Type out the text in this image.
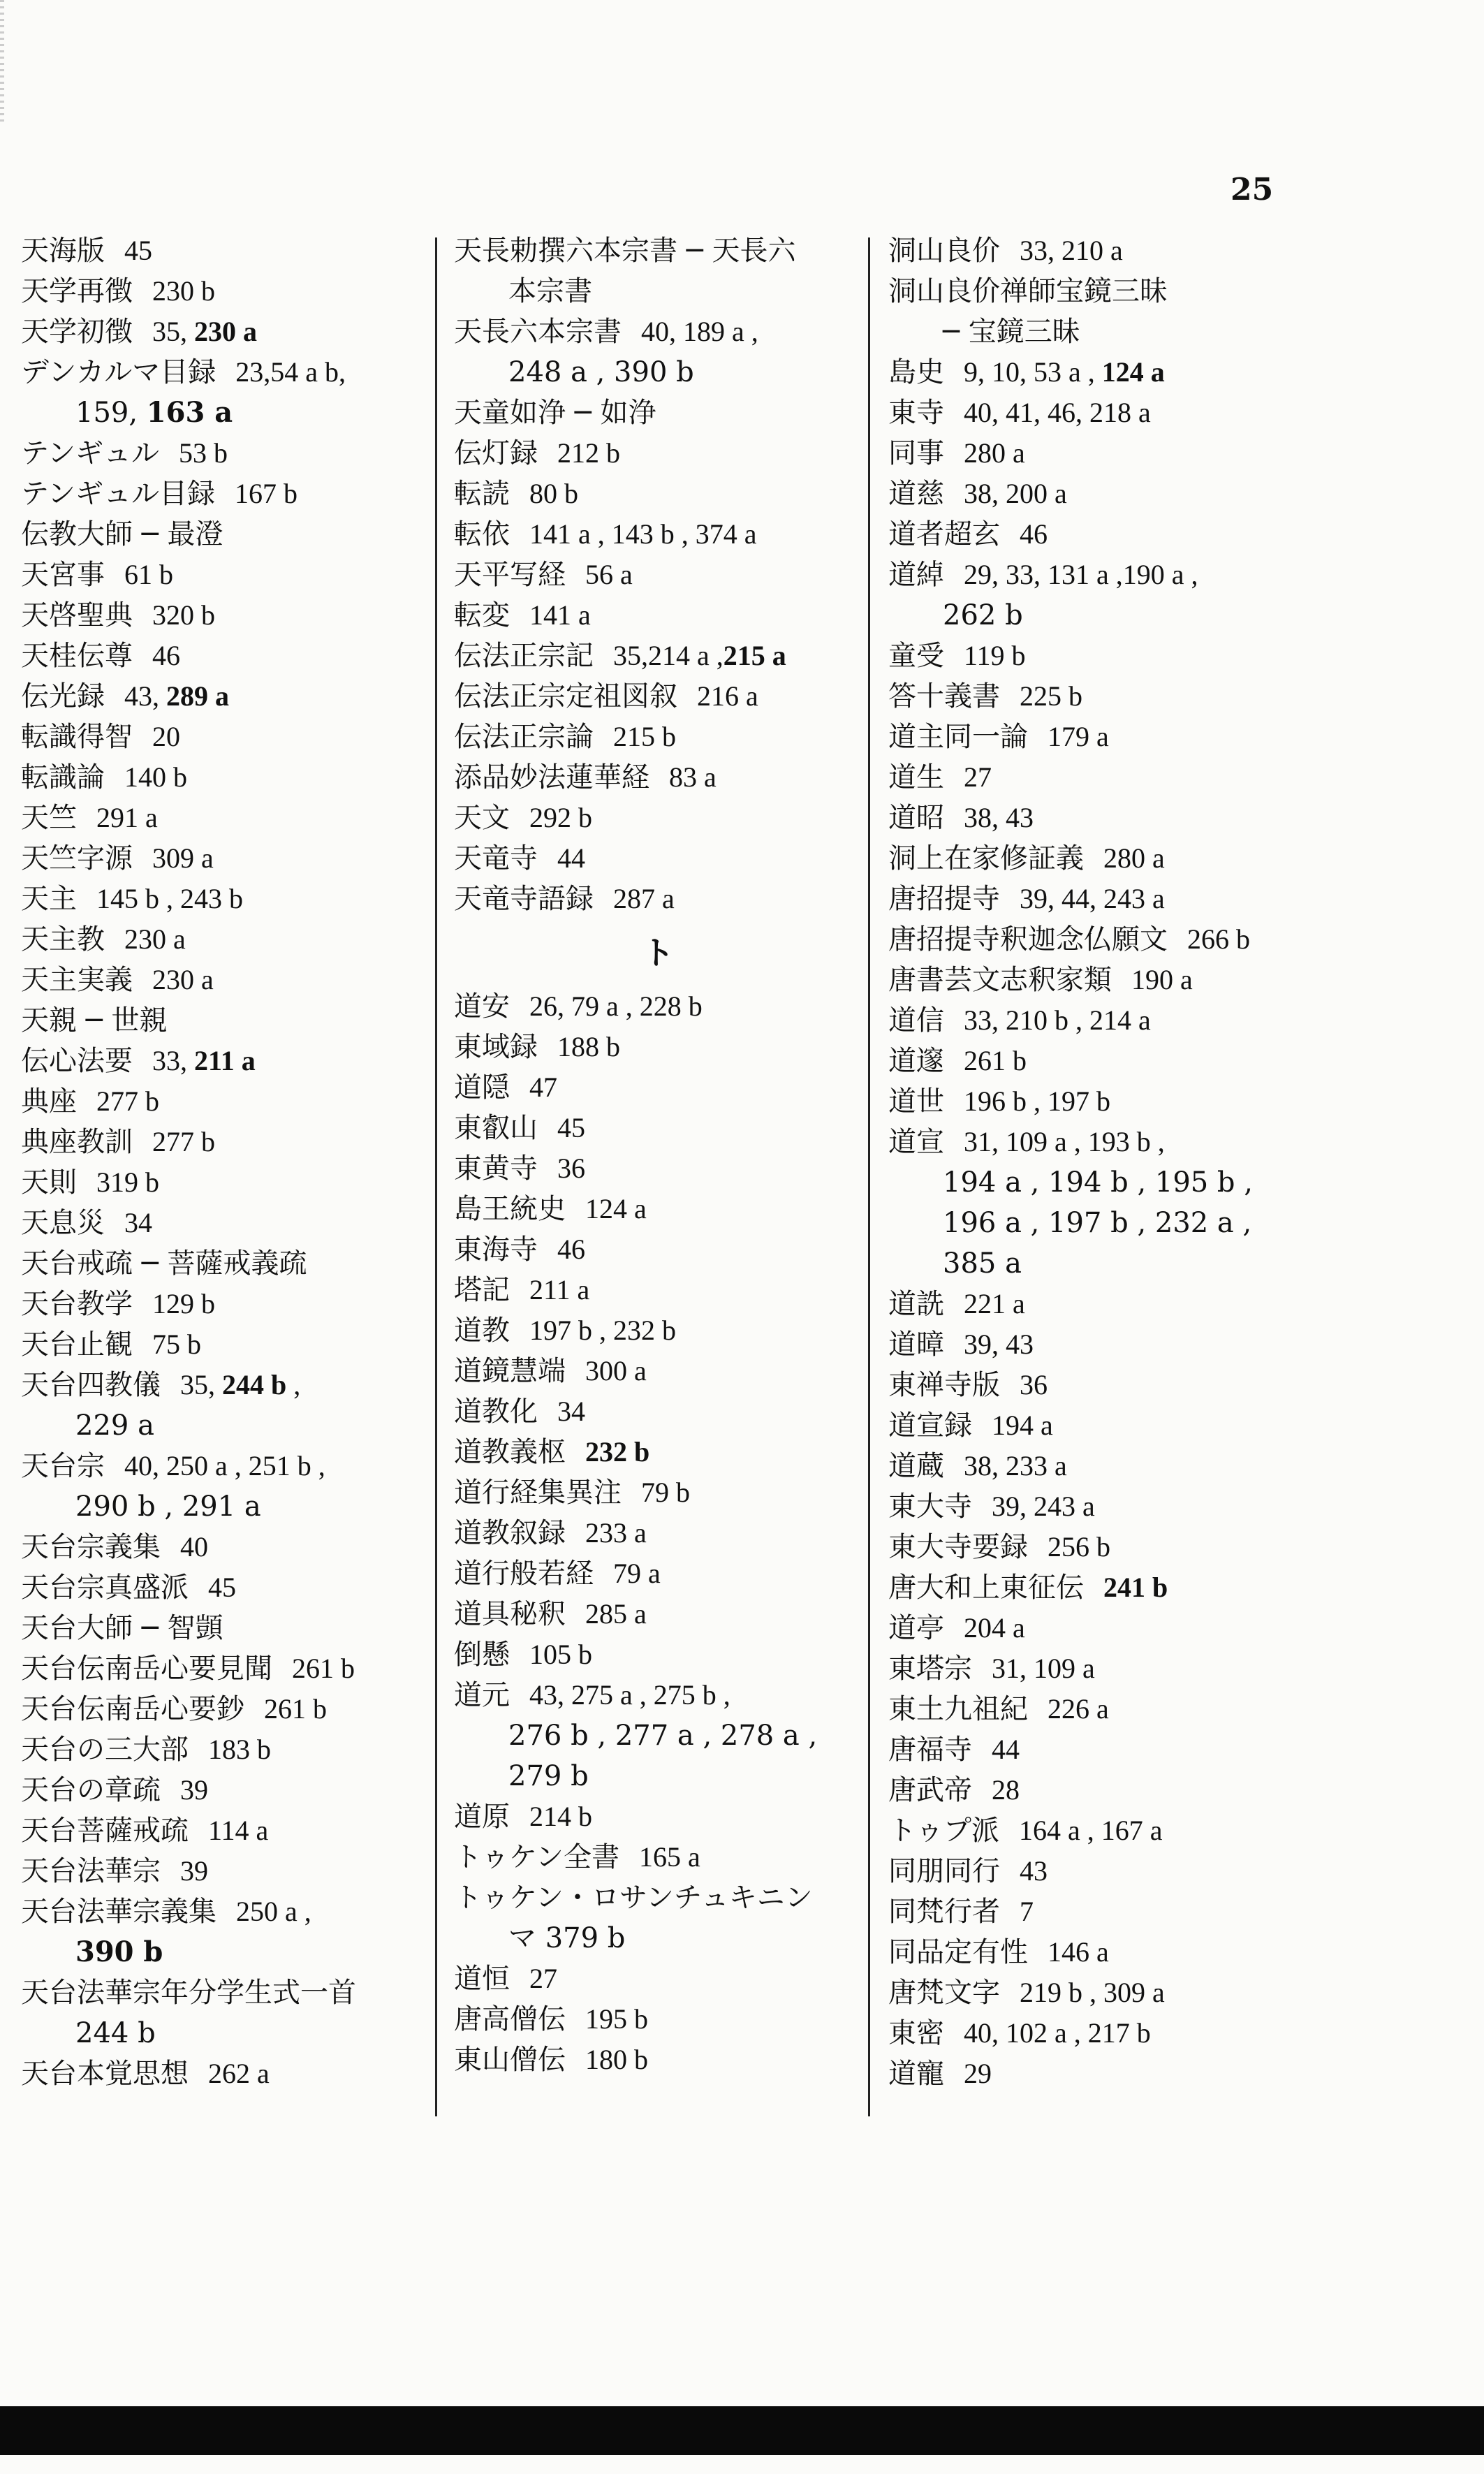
25
天海版 45
天学再徴 230 b
天学初徴 35, 230 a
デンカルマ目録 23,54 a b,
159, 163 a
テンギュル 53 b
テンギュル目録 167 b
伝教大師 ─ 最澄
天宮事 61 b
天啓聖典 320 b
天桂伝尊 46
伝光録 43, 289 a
転識得智 20
転識論 140 b
天竺 291 a
天竺字源 309 a
天主 145 b , 243 b
天主教 230 a
天主実義 230 a
天親 ─ 世親
伝心法要 33, 211 a
典座 277 b
典座教訓 277 b
天則 319 b
天息災 34
天台戒疏 ─ 菩薩戒義疏
天台教学 129 b
天台止観 75 b
天台四教儀 35, 244 b ,
229 a
天台宗 40, 250 a , 251 b ,
290 b , 291 a
天台宗義集 40
天台宗真盛派 45
天台大師 ─ 智顗
天台伝南岳心要見聞 261 b
天台伝南岳心要鈔 261 b
天台の三大部 183 b
天台の章疏 39
天台菩薩戒疏 114 a
天台法華宗 39
天台法華宗義集 250 a ,
390 b
天台法華宗年分学生式一首
244 b
天台本覚思想 262 a
天長勅撰六本宗書 ─ 天長六
本宗書
天長六本宗書 40, 189 a ,
248 a , 390 b
天童如浄 ─ 如浄
伝灯録 212 b
転読 80 b
転依 141 a , 143 b , 374 a
天平写経 56 a
転変 141 a
伝法正宗記 35,214 a ,215 a
伝法正宗定祖図叙 216 a
伝法正宗論 215 b
添品妙法蓮華経 83 a
天文 292 b
天竜寺 44
天竜寺語録 287 a
ト
道安 26, 79 a , 228 b
東域録 188 b
道隠 47
東叡山 45
東黄寺 36
島王統史 124 a
東海寺 46
塔記 211 a
道教 197 b , 232 b
道鏡慧端 300 a
道教化 34
道教義枢 232 b
道行経集異注 79 b
道教叙録 233 a
道行般若経 79 a
道具秘釈 285 a
倒懸 105 b
道元 43, 275 a , 275 b ,
276 b , 277 a , 278 a ,
279 b
道原 214 b
トゥケン全書 165 a
トゥケン・ロサンチュキニン
マ 379 b
道恒 27
唐高僧伝 195 b
東山僧伝 180 b
洞山良价 33, 210 a
洞山良价禅師宝鏡三昧
─ 宝鏡三昧
島史 9, 10, 53 a , 124 a
東寺 40, 41, 46, 218 a
同事 280 a
道慈 38, 200 a
道者超玄 46
道綽 29, 33, 131 a ,190 a ,
262 b
童受 119 b
答十義書 225 b
道主同一論 179 a
道生 27
道昭 38, 43
洞上在家修証義 280 a
唐招提寺 39, 44, 243 a
唐招提寺釈迦念仏願文 266 b
唐書芸文志釈家類 190 a
道信 33, 210 b , 214 a
道邃 261 b
道世 196 b , 197 b
道宣 31, 109 a , 193 b ,
194 a , 194 b , 195 b ,
196 a , 197 b , 232 a ,
385 a
道詵 221 a
道暲 39, 43
東禅寺版 36
道宣録 194 a
道蔵 38, 233 a
東大寺 39, 243 a
東大寺要録 256 b
唐大和上東征伝 241 b
道亭 204 a
東塔宗 31, 109 a
東土九祖紀 226 a
唐福寺 44
唐武帝 28
トゥプ派 164 a , 167 a
同朋同行 43
同梵行者 7
同品定有性 146 a
唐梵文字 219 b , 309 a
東密 40, 102 a , 217 b
道寵 29
